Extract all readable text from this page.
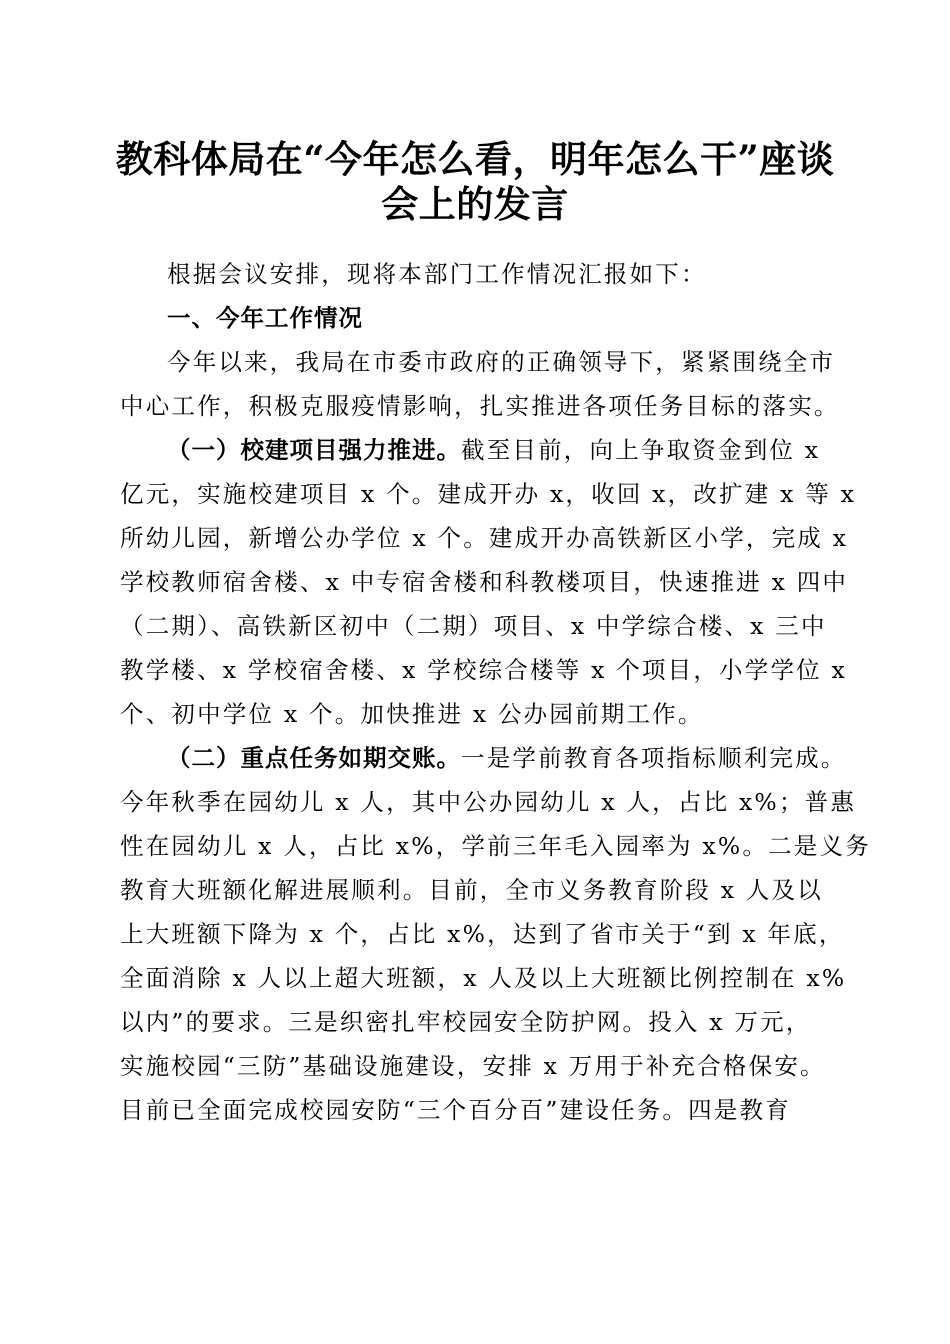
教科体局在“今年怎么看，明年怎么干”座谈
会上的发言

根据会议安排，现将本部门工作情况汇报如下：

一、今年工作情况

今年以来，我局在市委市政府的正确领导下，紧紧围绕全市
中心工作，积极克服疫情影响，扎实推进各项任务目标的落实。

（一）校建项目强力推进。截至目前，向上争取资金到位 x
亿元，实施校建项目 x 个。建成开办 x，收回 x，改扩建 x 等 x
所幼儿园，新增公办学位 x 个。建成开办高铁新区小学，完成 x
学校教师宿舍楼、x 中专宿舍楼和科教楼项目，快速推进 x 四中
（二期）、高铁新区初中（二期）项目、x 中学综合楼、x 三中
教学楼、x 学校宿舍楼、x 学校综合楼等 x 个项目，小学学位 x
个、初中学位 x 个。加快推进 x 公办园前期工作。

（二）重点任务如期交账。一是学前教育各项指标顺利完成。
今年秋季在园幼儿 x 人，其中公办园幼儿 x 人，占比 x%；普惠
性在园幼儿 x 人，占比 x%，学前三年毛入园率为 x%。二是义务
教育大班额化解进展顺利。目前，全市义务教育阶段 x 人及以
上大班额下降为 x 个，占比 x%，达到了省市关于“到 x 年底，
全面消除 x 人以上超大班额，x 人及以上大班额比例控制在 x%
以内”的要求。三是织密扎牢校园安全防护网。投入 x 万元，
实施校园“三防”基础设施建设，安排 x 万用于补充合格保安。
目前已全面完成校园安防“三个百分百”建设任务。四是教育
